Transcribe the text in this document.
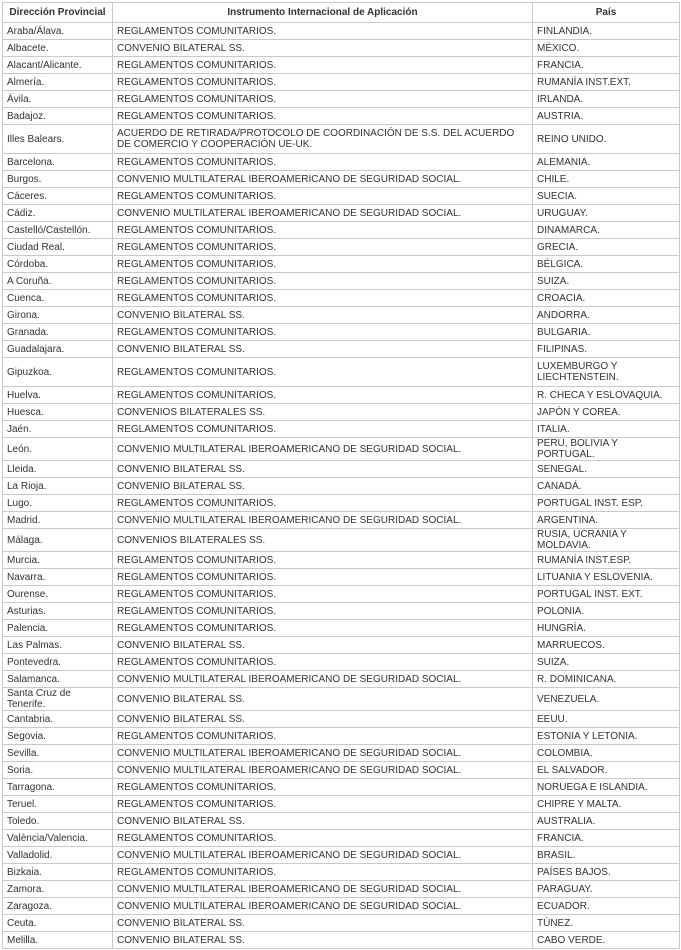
Dirección Provincial	Instrumento Internacional de Aplicación	País
Araba/Álava.	REGLAMENTOS COMUNITARIOS.	FINLANDIA.
Albacete.	CONVENIO BILATERAL SS.	MÉXICO.
Alacant/Alicante.	REGLAMENTOS COMUNITARIOS.	FRANCIA.
Almería.	REGLAMENTOS COMUNITARIOS.	RUMANÍA INST.EXT.
Ávila.	REGLAMENTOS COMUNITARIOS.	IRLANDA.
Badajoz.	REGLAMENTOS COMUNITARIOS.	AUSTRIA.
Illes Balears.	ACUERDO DE RETIRADA/PROTOCOLO DE COORDINACIÓN DE S.S. DEL ACUERDO DE COMERCIO Y COOPERACIÓN UE-UK.	REINO UNIDO.
Barcelona.	REGLAMENTOS COMUNITARIOS.	ALEMANIA.
Burgos.	CONVENIO MULTILATERAL IBEROAMERICANO DE SEGURIDAD SOCIAL.	CHILE.
Cáceres.	REGLAMENTOS COMUNITARIOS.	SUECIA.
Cádiz.	CONVENIO MULTILATERAL IBEROAMERICANO DE SEGURIDAD SOCIAL.	URUGUAY.
Castelló/Castellón.	REGLAMENTOS COMUNITARIOS.	DINAMARCA.
Ciudad Real.	REGLAMENTOS COMUNITARIOS.	GRECIA.
Córdoba.	REGLAMENTOS COMUNITARIOS.	BÉLGICA.
A Coruña.	REGLAMENTOS COMUNITARIOS.	SUIZA.
Cuenca.	REGLAMENTOS COMUNITARIOS.	CROACIA.
Girona.	CONVENIO BILATERAL SS.	ANDORRA.
Granada.	REGLAMENTOS COMUNITARIOS.	BULGARIA.
Guadalajara.	CONVENIO BILATERAL SS.	FILIPINAS.
Gipuzkoa.	REGLAMENTOS COMUNITARIOS.	LUXEMBURGO Y LIECHTENSTEIN.
Huelva.	REGLAMENTOS COMUNITARIOS.	R. CHECA Y ESLOVAQUIA.
Huesca.	CONVENIOS BILATERALES SS.	JAPÓN Y COREA.
Jaén.	REGLAMENTOS COMUNITARIOS.	ITALIA.
León.	CONVENIO MULTILATERAL IBEROAMERICANO DE SEGURIDAD SOCIAL.	PERÚ, BOLIVIA Y PORTUGAL.
Lleida.	CONVENIO BILATERAL SS.	SENEGAL.
La Rioja.	CONVENIO BILATERAL SS.	CANADÁ.
Lugo.	REGLAMENTOS COMUNITARIOS.	PORTUGAL INST. ESP.
Madrid.	CONVENIO MULTILATERAL IBEROAMERICANO DE SEGURIDAD SOCIAL.	ARGENTINA.
Málaga.	CONVENIOS BILATERALES SS.	RUSIA, UCRANIA Y MOLDAVIA.
Murcia.	REGLAMENTOS COMUNITARIOS.	RUMANÍA INST.ESP.
Navarra.	REGLAMENTOS COMUNITARIOS.	LITUANIA Y ESLOVENIA.
Ourense.	REGLAMENTOS COMUNITARIOS.	PORTUGAL INST. EXT.
Asturias.	REGLAMENTOS COMUNITARIOS.	POLONIA.
Palencia.	REGLAMENTOS COMUNITARIOS.	HUNGRÍA.
Las Palmas.	CONVENIO BILATERAL SS.	MARRUECOS.
Pontevedra.	REGLAMENTOS COMUNITARIOS.	SUIZA.
Salamanca.	CONVENIO MULTILATERAL IBEROAMERICANO DE SEGURIDAD SOCIAL.	R. DOMINICANA.
Santa Cruz de Tenerife.	CONVENIO BILATERAL SS.	VENEZUELA.
Cantabria.	CONVENIO BILATERAL SS.	EEUU.
Segovia.	REGLAMENTOS COMUNITARIOS.	ESTONIA Y LETONIA.
Sevilla.	CONVENIO MULTILATERAL IBEROAMERICANO DE SEGURIDAD SOCIAL.	COLOMBIA.
Soria.	CONVENIO MULTILATERAL IBEROAMERICANO DE SEGURIDAD SOCIAL.	EL SALVADOR.
Tarragona.	REGLAMENTOS COMUNITARIOS.	NORUEGA E ISLANDIA.
Teruel.	REGLAMENTOS COMUNITARIOS.	CHIPRE Y MALTA.
Toledo.	CONVENIO BILATERAL SS.	AUSTRALIA.
València/Valencia.	REGLAMENTOS COMUNITARIOS.	FRANCIA.
Valladolid.	CONVENIO MULTILATERAL IBEROAMERICANO DE SEGURIDAD SOCIAL.	BRASIL.
Bizkaia.	REGLAMENTOS COMUNITARIOS.	PAÍSES BAJOS.
Zamora.	CONVENIO MULTILATERAL IBEROAMERICANO DE SEGURIDAD SOCIAL.	PARAGUAY.
Zaragoza.	CONVENIO MULTILATERAL IBEROAMERICANO DE SEGURIDAD SOCIAL.	ECUADOR.
Ceuta.	CONVENIO BILATERAL SS.	TÚNEZ.
Melilla.	CONVENIO BILATERAL SS.	CABO VERDE.
